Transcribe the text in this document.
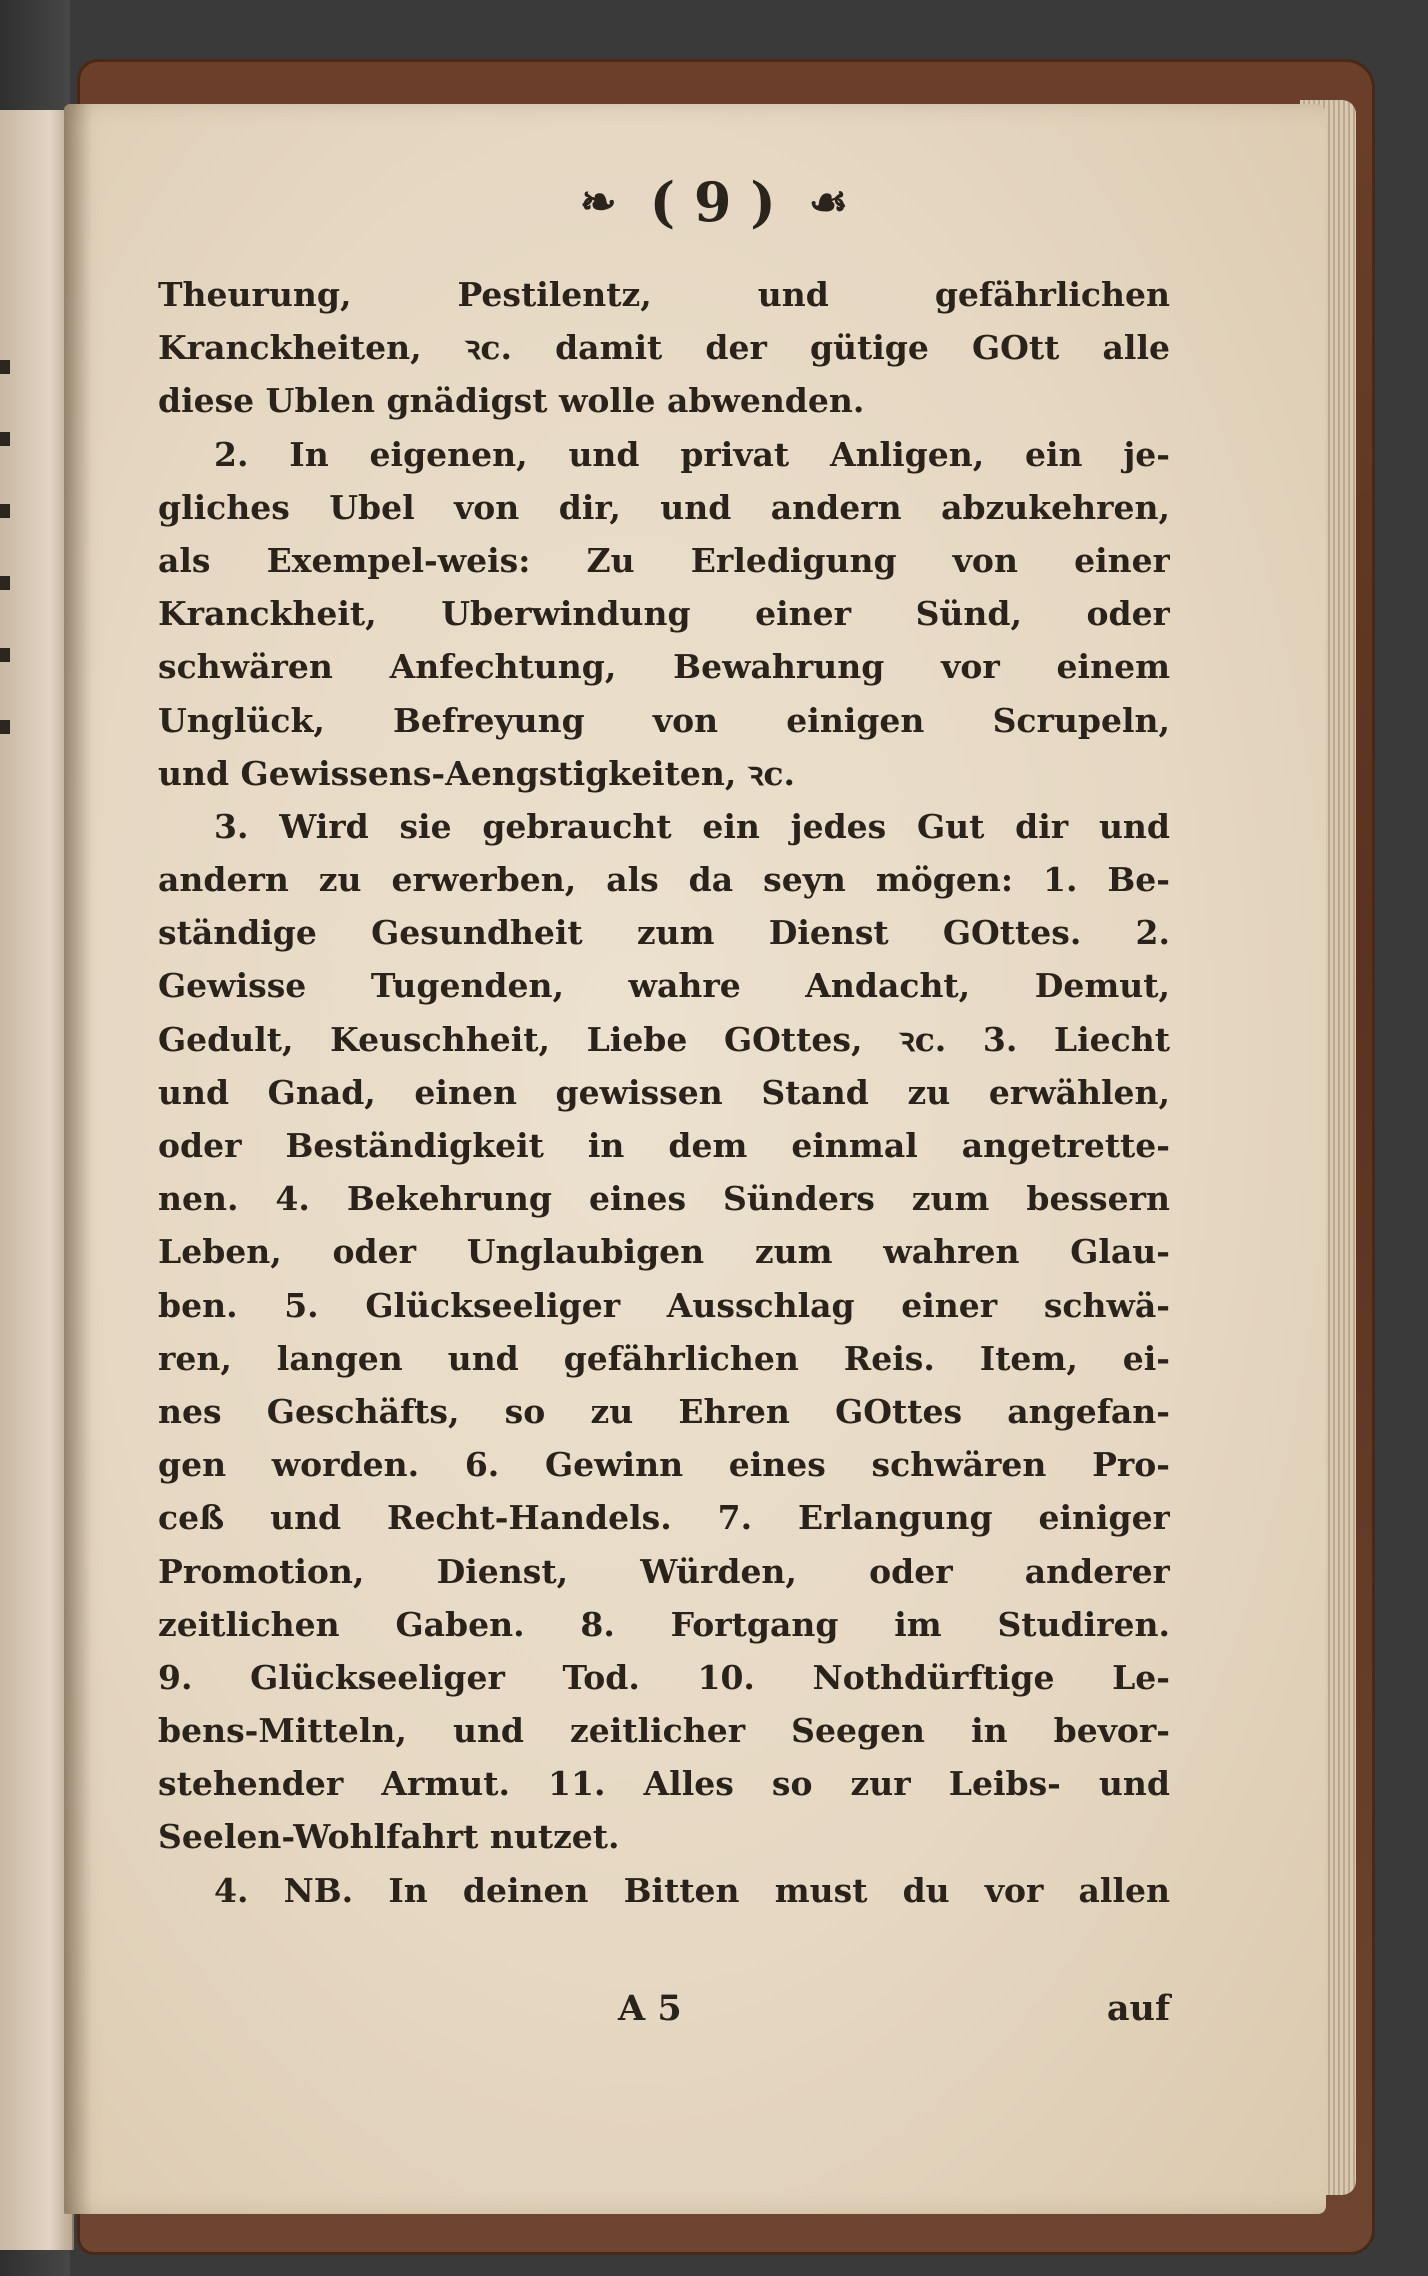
❧ ( 9 ) ☙
Theurung, Pestilentz, und gefährlichen
Kranckheiten, ꝛc. damit der gütige GOtt alle
diese Ublen gnädigst wolle abwenden.
2. In eigenen, und privat Anligen, ein je-
gliches Ubel von dir, und andern abzukehren,
als Exempel-weis: Zu Erledigung von einer
Kranckheit, Uberwindung einer Sünd, oder
schwären Anfechtung, Bewahrung vor einem
Unglück, Befreyung von einigen Scrupeln,
und Gewissens-Aengstigkeiten, ꝛc.
3. Wird sie gebraucht ein jedes Gut dir und
andern zu erwerben, als da seyn mögen: 1. Be-
ständige Gesundheit zum Dienst GOttes. 2.
Gewisse Tugenden, wahre Andacht, Demut,
Gedult, Keuschheit, Liebe GOttes, ꝛc. 3. Liecht
und Gnad, einen gewissen Stand zu erwählen,
oder Beständigkeit in dem einmal angetrette-
nen. 4. Bekehrung eines Sünders zum bessern
Leben, oder Unglaubigen zum wahren Glau-
ben. 5. Glückseeliger Ausschlag einer schwä-
ren, langen und gefährlichen Reis. Item, ei-
nes Geschäfts, so zu Ehren GOttes angefan-
gen worden. 6. Gewinn eines schwären Pro-
ceß und Recht-Handels. 7. Erlangung einiger
Promotion, Dienst, Würden, oder anderer
zeitlichen Gaben. 8. Fortgang im Studiren.
9. Glückseeliger Tod. 10. Nothdürftige Le-
bens-Mitteln, und zeitlicher Seegen in bevor-
stehender Armut. 11. Alles so zur Leibs- und
Seelen-Wohlfahrt nutzet.
4. NB. In deinen Bitten must du vor allen
A 5	auf
